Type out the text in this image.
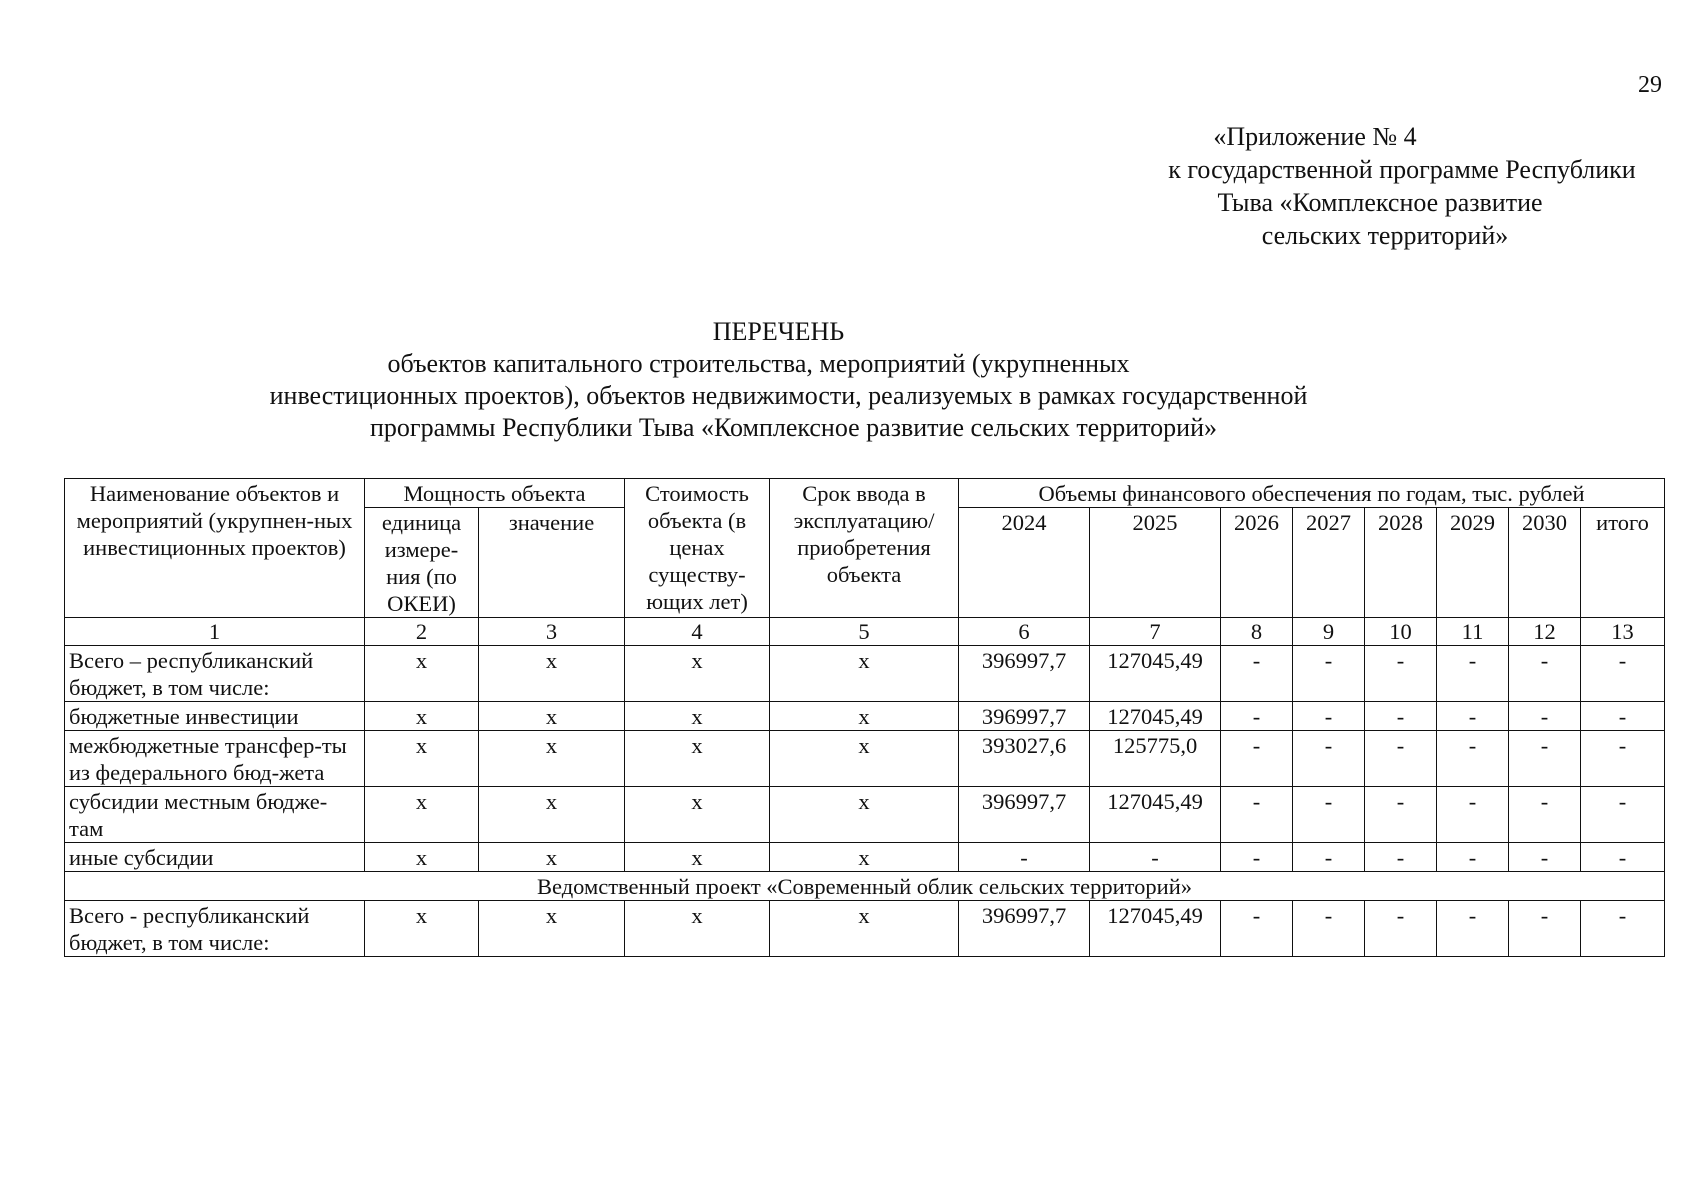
29
«Приложение № 4
к государственной программе Республики
Тыва «Комплексное развитие
сельских территорий»
ПЕРЕЧЕНЬ
объектов капитального строительства, мероприятий (укрупненных
инвестиционных проектов), объектов недвижимости, реализуемых в рамках государственной
программы Республики Тыва «Комплексное развитие сельских территорий»
Наименование объектов и мероприятий (укрупнен-ных инвестиционных проектов)	Мощность объекта		Стоимость объекта (в ценах существу-ющих лет)	Срок ввода в эксплуатацию/ приобретения объекта	Объемы финансового обеспечения по годам, тыс. рублей							
	единица измере-ния (по ОКЕИ)	значение			2024	2025	2026	2027	2028	2029	2030	итого
1	2	3	4	5	6	7	8	9	10	11	12	13
Всего – республиканский бюджет, в том числе:	х	х	х	х	396997,7	127045,49	-	-	-	-	-	-
бюджетные инвестиции	х	х	х	х	396997,7	127045,49	-	-	-	-	-	-
межбюджетные трансфер-ты из федерального бюд-жета	х	х	х	х	393027,6	125775,0	-	-	-	-	-	-
субсидии местным бюдже-там	х	х	х	х	396997,7	127045,49	-	-	-	-	-	-
иные субсидии	х	х	х	х	-	-	-	-	-	-	-	-
Ведомственный проект «Современный облик сельских территорий»												
Всего - республиканский бюджет, в том числе:	х	х	х	х	396997,7	127045,49	-	-	-	-	-	-
